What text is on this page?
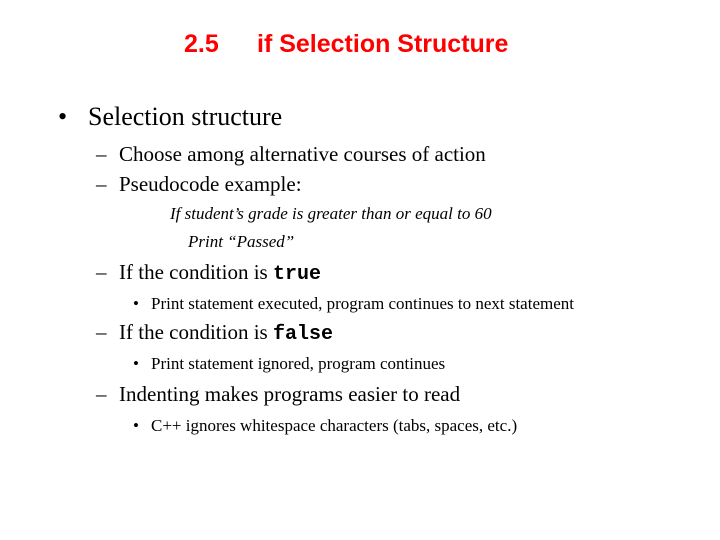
2.5 if Selection Structure
• Selection structure
– Choose among alternative courses of action
– Pseudocode example:
If student’s grade is greater than or equal to 60
Print “Passed”
– If the condition is true
• Print statement executed, program continues to next statement
– If the condition is false
• Print statement ignored, program continues
– Indenting makes programs easier to read
• C++ ignores whitespace characters (tabs, spaces, etc.)
